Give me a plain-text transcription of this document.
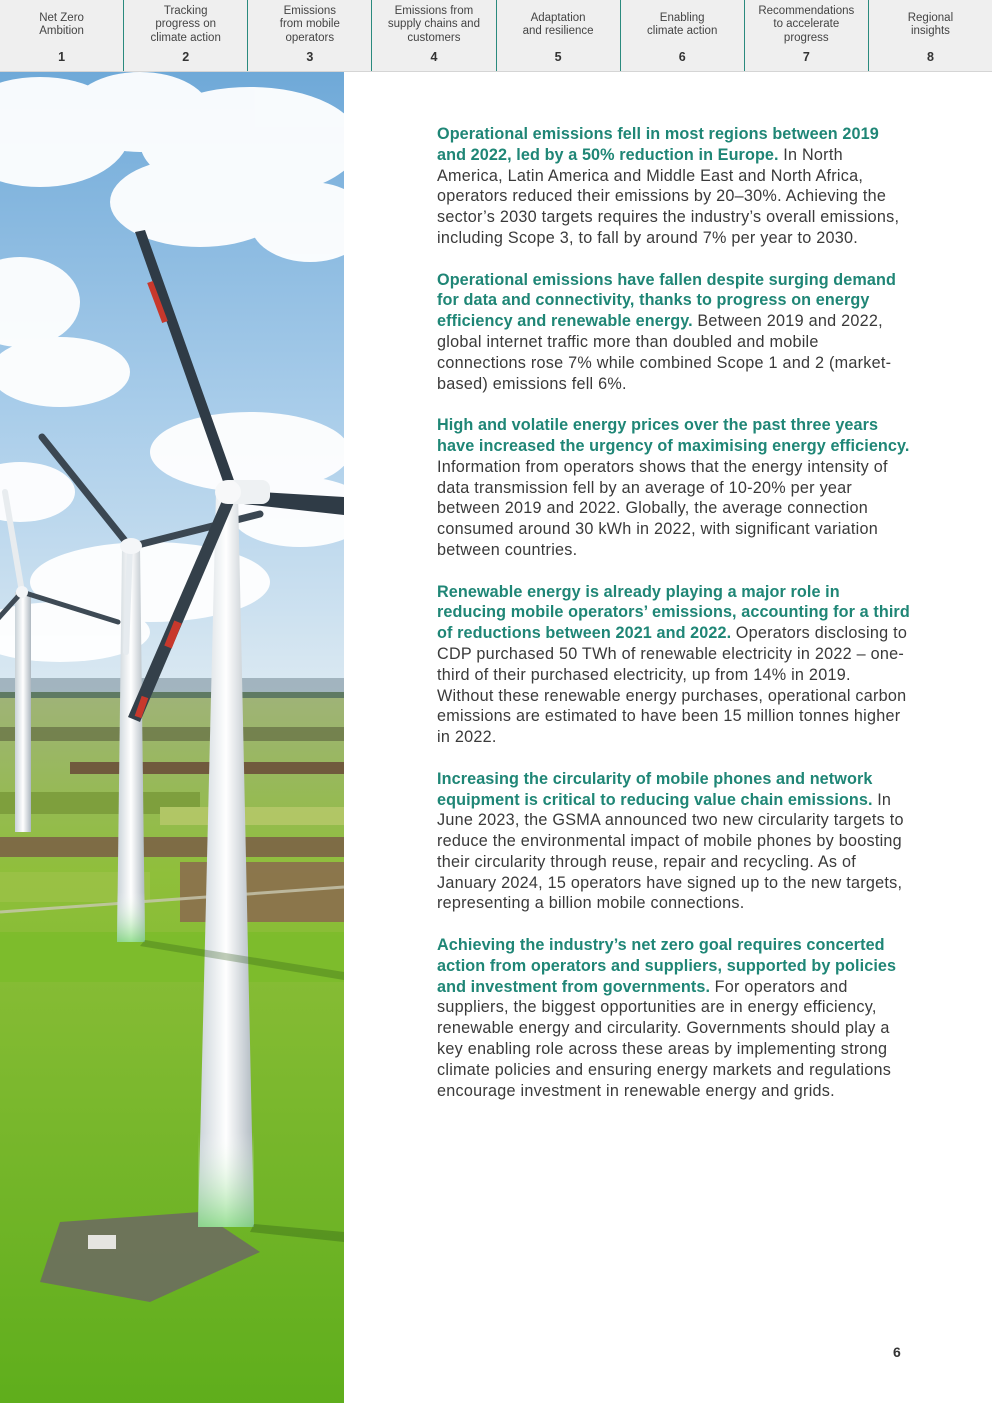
Net Zero
Ambition
1
Tracking
progress on
climate action
2
Emissions
from mobile
operators
3
Emissions from
supply chains and
customers
4
Adaptation
and resilience
5
Enabling
climate action
6
Recommendations
to accelerate
progress
7
Regional
insights
8

Operational emissions fell in most regions between 2019 and 2022, led by a 50% reduction in Europe. In North America, Latin America and Middle East and North Africa, operators reduced their emissions by 20–30%. Achieving the sector’s 2030 targets requires the industry’s overall emissions, including Scope 3, to fall by around 7% per year to 2030.

Operational emissions have fallen despite surging demand for data and connectivity, thanks to progress on energy efficiency and renewable energy. Between 2019 and 2022, global internet traffic more than doubled and mobile connections rose 7% while combined Scope 1 and 2 (market-based) emissions fell 6%.

High and volatile energy prices over the past three years have increased the urgency of maximising energy efficiency. Information from operators shows that the energy intensity of data transmission fell by an average of 10-20% per year between 2019 and 2022. Globally, the average connection consumed around 30 kWh in 2022, with significant variation between countries.

Renewable energy is already playing a major role in reducing mobile operators’ emissions, accounting for a third of reductions between 2021 and 2022. Operators disclosing to CDP purchased 50 TWh of renewable electricity in 2022 – one-third of their purchased electricity, up from 14% in 2019. Without these renewable energy purchases, operational carbon emissions are estimated to have been 15 million tonnes higher in 2022.

Increasing the circularity of mobile phones and network equipment is critical to reducing value chain emissions. In June 2023, the GSMA announced two new circularity targets to reduce the environmental impact of mobile phones by boosting their circularity through reuse, repair and recycling. As of January 2024, 15 operators have signed up to the new targets, representing a billion mobile connections.

Achieving the industry’s net zero goal requires concerted action from operators and suppliers, supported by policies and investment from governments. For operators and suppliers, the biggest opportunities are in energy efficiency, renewable energy and circularity. Governments should play a key enabling role across these areas by implementing strong climate policies and ensuring energy markets and regulations encourage investment in renewable energy and grids.

6
